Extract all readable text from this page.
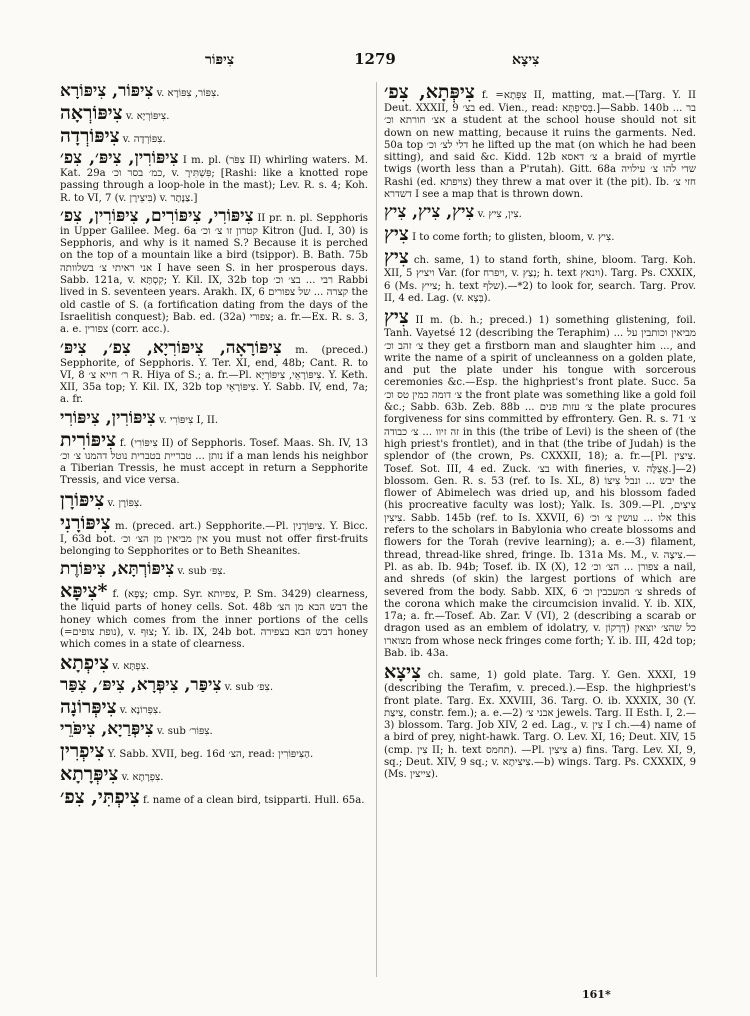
צִיפּוֹר	1279	צִיצָא
צִיפּוֹר, צִיפּוֹרָא v. צִפּוֹר, צִפּוֹרָא.
צִיפּוֹרְאָה v. צִיפּוֹרְיָא.
צִיפּוֹרְדָה v. צִפּוֹרְדָה.
צִיפּוֹרִין, צִיפּ׳, צִפ׳ I m. pl. (צִפֹּר II) whirling waters. M. Kat. 29a כמ׳ בסר וכ׳, v. פִּשְׁתִּירָ; [Rashi: like a knotted rope passing through a loop-hole in the mast); Lev. R. s. 4; Koh. R. to VI, 7 (v. בִּיצֵירָן) v. צַנֶּתָר.]
צִיפּוֹרִי, צִיפּוֹרִים, צִיפּוֹרִין, צִפ׳ II pr. n. pl. Sepphoris in Upper Galilee. Meg. 6a קטרון זו צ׳ וכ׳ Kitron (Jud. I, 30) is Sepphoris, and why is it named S.? Because it is perched on the top of a mountain like a bird (tsippor). B. Bath. 75b אני ראיתי צ׳ בשלוותה I have seen S. in her prosperous days. Sabb. 121a, v. קִסְתָּא; Y. Kil. IX, 32b top רבי ... בצ׳ וכ׳ Rabbi lived in S. seventeen years. Arakh. IX, 6 קצרה ... של צפורים the old castle of S. (a fortification dating from the days of the Israelitish conquest); Bab. ed. (32a) צפורי; a. fr.—Ex. R. s. 3, a. e. צפורין (corr. acc.).
צִיפּוֹרָאָה, צִיפּוֹרִיָא, צִפ׳, צִיפּ׳ m. (preced.) Sepphorite, of Sepphoris. Y. Ter. XI, end, 48b; Cant. R. to VI, 8 ר׳ חייא צ׳ R. Hiya of S.; a. fr.—Pl. צִיפּוֹרָאֵי, צִיפּוֹרְיָא. Y. Keth. XII, 35a top; Y. Kil. IX, 32b top צִיפּוֹרָאֵי. Y. Sabb. IV, end, 7a; a. fr.
צִיפּוֹרִין, צִיפּוֹרִי v. צִיפּוֹרִי I, II.
צִיפּוֹרִית f. (צִיפּוֹרִי II) of Sepphoris. Tosef. Maas. Sh. IV, 13 נותן ... טבריית בטברית נוטל דהמנו צ׳ וכ׳ if a man lends his neighbor a Tiberian Tressis, he must accept in return a Sepphorite Tressis, and vice versa.
צִיפּוֹרָן v. צִפּוֹרֶן.
צִיפּוֹרָנִי m. (preced. art.) Sepphorite.—Pl. צִיפּוֹרָנִין. Y. Bicc. I, 63d bot. אין מביאין מן הצ׳ וכ׳ you must not offer first-fruits belonging to Sepphorites or to Beth Sheanites.
צִיפּוֹרְתָּא, צִיפּוֹרֶת v. sub צִפּ׳.
*צִיפָּא f. (צְפָא; cmp. Syr. צפיותא, P. Sm. 3429) clearness, the liquid parts of honey cells. Sot. 48b דבש הבא מן הצ׳ the honey which comes from the inner portions of the cells (=נופת צופים), v. צוּף; Y. ib. IX, 24b bot. דבש הבא בצפירה honey which comes in a state of clearness.
צִיפְתָא v. צִפְתָּא.
צִיפַּר, צִיפְּרָא, צִיפּ׳, צִפַּר v. sub צִפ׳.
צִיפְּרוֹנָה v. צִפְּרוֹנָא.
צִיפְּרַיָא, צִיפֹּרֵי v. sub צִפּוֹר׳.
צִיפְרִין Y. Sabb. XVII, beg. 16d הצ׳, read: הַצִּיפּוֹרִין.
צִיפְּרָתָא v. צִפְרָתָא.
צִיפְתִּי, צִפ׳ f. name of a clean bird, tsipparti. Hull. 65a.
צִיפְּתָא, צִפ׳ f. =צִפְּתָא II, matting, mat.—[Targ. Y. II Deut. XXXII, 9 בצ׳ ed. Vien., read: בְּסִיפְתָּא.]—Sabb. 140b בר ... אצ׳ חורתא וכ׳ a student at the school house should not sit down on new matting, because it ruins the garments. Ned. 50a top דלי לצ׳ וכ׳ he lifted up the mat (on which he had been sitting), and said &c. Kidd. 12b צ׳ דאסא a braid of myrtle twigs (worth less than a P'rutah). Gitt. 68a שדי להו צ׳ עילויה Rashi (ed. צויפתא) they threw a mat over it (the pit). Ib. חזי צ׳ דשדרא I see a map that is thrown down.
צִיץ, צִיץ, צִיץ v. צִין, צִיץ.
צִיץ I to come forth; to glisten, bloom, v. צִיץ.
צִיץ ch. same, 1) to stand forth, shine, bloom. Targ. Koh. XII, 5 ויציץ Var. (for ויפרח, v. נְצַץ; h. text ויִנאץ). Targ. Ps. CXXIX, 6 (Ms. צייץ; h. text שלף).—*2) to look for, search. Targ. Prov. II, 4 ed. Lag. (v. בְּצָא).
צִיץ II m. (b. h.; preced.) 1) something glistening, foil. Tanh. Vayetsé 12 (describing the Teraphim) ... מביאין וכותבין על צ׳ זהב וכ׳ they get a firstborn man and slaughter him ..., and write the name of a spirit of uncleanness on a golden plate, and put the plate under his tongue with sorcerous ceremonies &c.—Esp. the highpriest's front plate. Succ. 5a צ׳ דומה כמין טס וכ׳ the front plate was something like a gold foil &c.; Sabb. 63b. Zeb. 88b ... צ׳ עזות פנים the plate procures forgiveness for sins committed by effrontery. Gen. R. s. 71 צ׳ זה זיוו ... צ׳ כבודה in this (the tribe of Levi) is the sheen of (the high priest's frontlet), and in that (the tribe of Judah) is the splendor of (the crown, Ps. CXXXII, 18); a. fr.—[Pl. צִיצִין. Tosef. Sot. III, 4 ed. Zuck. בצ׳ with fineries, v. אֲצֻלָּה.]—2) blossom. Gen. R. s. 53 (ref. to Is. XL, 8) יבש ... ונבל צִיצוֹ the flower of Abimelech was dried up, and his blossom faded (his procreative faculty was lost); Yalk. Is. 309.—Pl. צִיצִים, צִיצִין. Sabb. 145b (ref. to Is. XXVII, 6) אלו ... עושין צ׳ וכ׳ this refers to the scholars in Babylonia who create blossoms and flowers for the Torah (revive learning); a. e.—3) filament, thread, thread-like shred, fringe. Ib. 131a Ms. M., v. צִיצָה.—Pl. as ab. Ib. 94b; Tosef. ib. IX (X), 12 צפורן ... הצ׳ וכ׳ a nail, and shreds (of skin) the largest portions of which are severed from the body. Sabb. XIX, 6 צ׳ המעכבין וכ׳ shreds of the corona which make the circumcision invalid. Y. ib. XIX, 17a; a. fr.—Tosef. Ab. Zar. V (VI), 2 (describing a scarab or dragon used as an emblem of idolatry, v. דְּרָקוֹן) כל שהצ׳ יוצאין מצוארו from whose neck fringes come forth; Y. ib. III, 42d top; Bab. ib. 43a.
צִיצָא ch. same, 1) gold plate. Targ. Y. Gen. XXXI, 19 (describing the Terafim, v. preced.).—Esp. the highpriest's front plate. Targ. Ex. XXVIII, 36. Targ. O. ib. XXXIX, 30 (Y. צִיצַת, constr. fem.); a. e.—2) אבני צ׳ jewels. Targ. II Esth. I, 2.—3) blossom. Targ. Job XIV, 2 ed. Lag., v. צִין I ch.—4) name of a bird of prey, night-hawk. Targ. O. Lev. XI, 16; Deut. XIV, 15 (cmp. צִין II; h. text תחמס). —Pl. צִיצִין a) fins. Targ. Lev. XI, 9, sq.; Deut. XIV, 9 sq.; v. צִיצִיתָא.—b) wings. Targ. Ps. CXXXIX, 9 (Ms. צייצין).
161*
